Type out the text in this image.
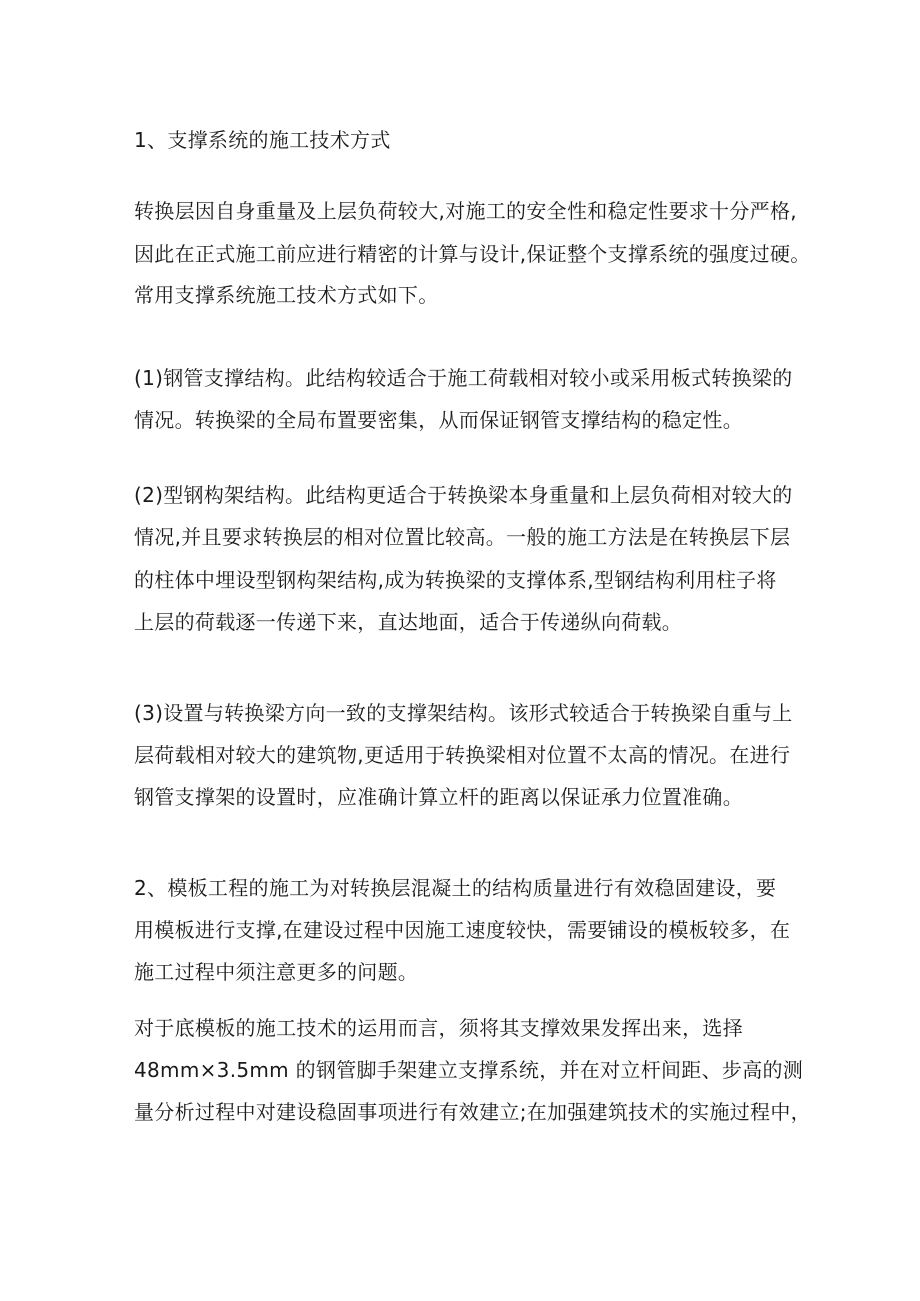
1、支撑系统的施工技术方式
转换层因自身重量及上层负荷较大,对施工的安全性和稳定性要求十分严格,
因此在正式施工前应进行精密的计算与设计,保证整个支撑系统的强度过硬。
常用支撑系统施工技术方式如下。
(1)钢管支撑结构。此结构较适合于施工荷载相对较小或采用板式转换梁的
情况。转换梁的全局布置要密集，从而保证钢管支撑结构的稳定性。
(2)型钢构架结构。此结构更适合于转换梁本身重量和上层负荷相对较大的
情况,并且要求转换层的相对位置比较高。一般的施工方法是在转换层下层
的柱体中埋设型钢构架结构,成为转换梁的支撑体系,型钢结构利用柱子将
上层的荷载逐一传递下来，直达地面，适合于传递纵向荷载。
(3)设置与转换梁方向一致的支撑架结构。该形式较适合于转换梁自重与上
层荷载相对较大的建筑物,更适用于转换梁相对位置不太高的情况。在进行
钢管支撑架的设置时，应准确计算立杆的距离以保证承力位置准确。
2、模板工程的施工为对转换层混凝土的结构质量进行有效稳固建设，要
用模板进行支撑,在建设过程中因施工速度较快，需要铺设的模板较多，在
施工过程中须注意更多的问题。
对于底模板的施工技术的运用而言，须将其支撑效果发挥出来，选择
48mm×3.5mm 的钢管脚手架建立支撑系统，并在对立杆间距、步高的测
量分析过程中对建设稳固事项进行有效建立;在加强建筑技术的实施过程中，
